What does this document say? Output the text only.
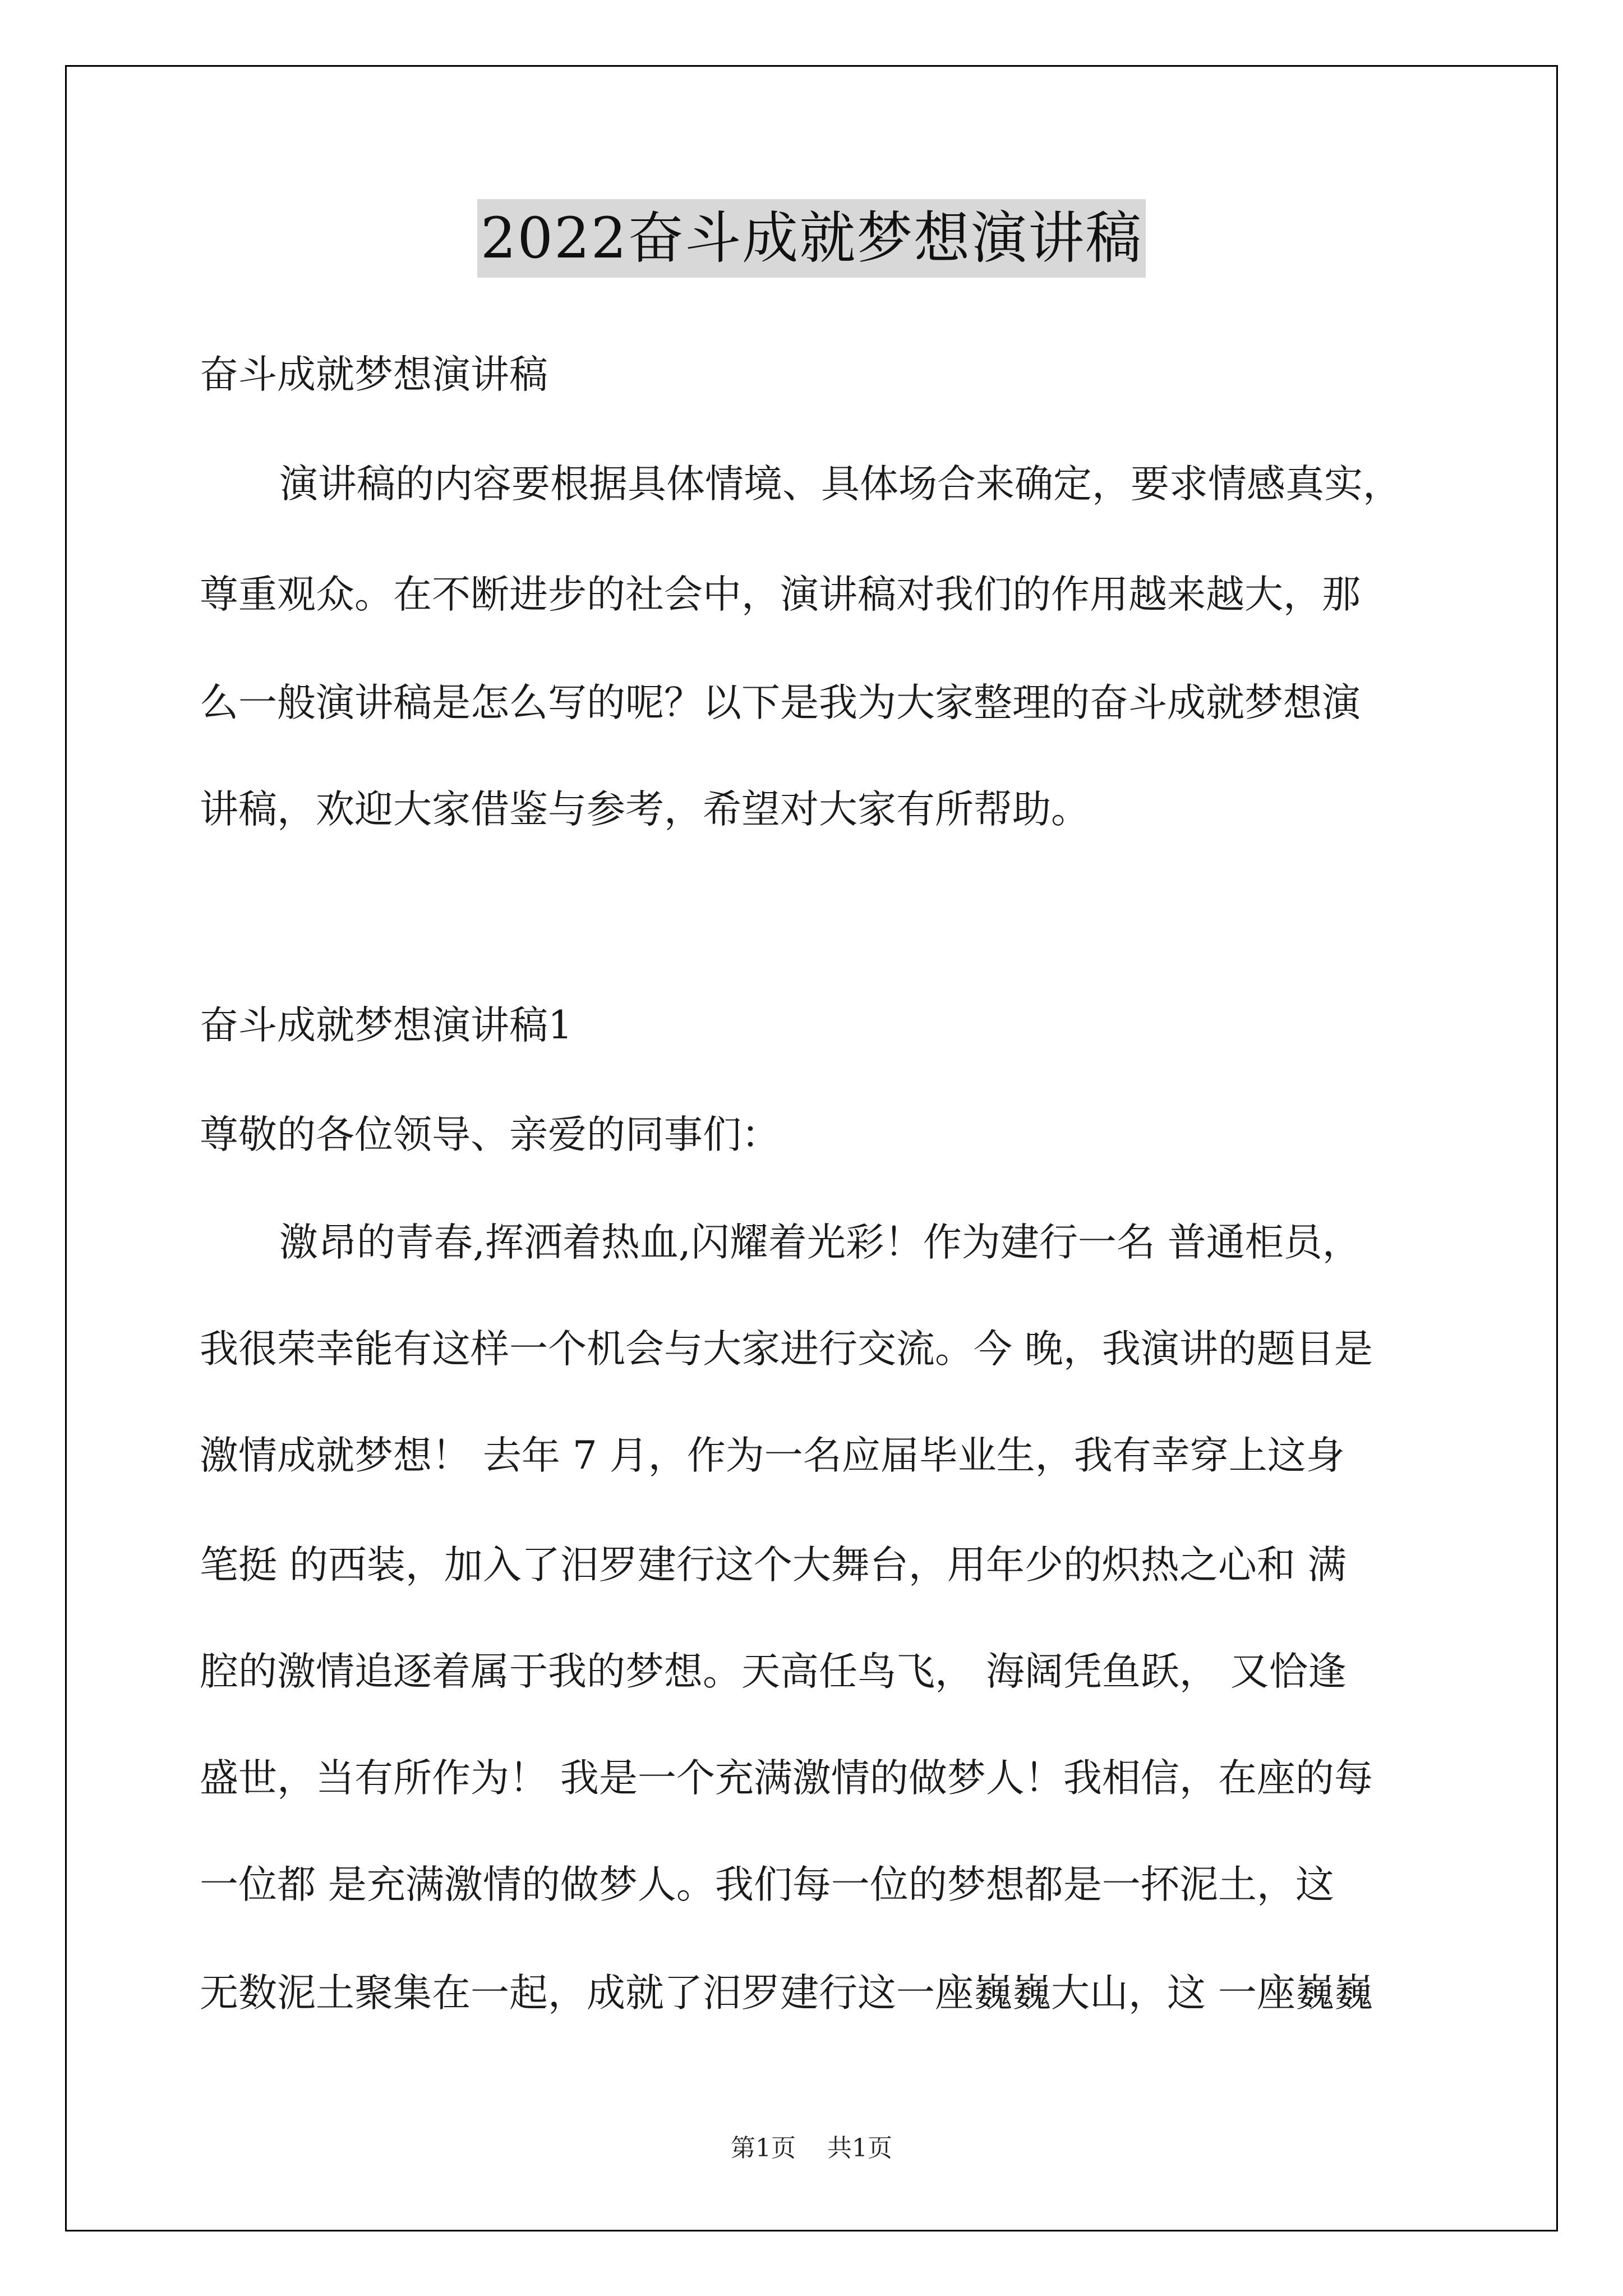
2022奋斗成就梦想演讲稿
奋斗成就梦想演讲稿
演讲稿的内容要根据具体情境、具体场合来确定，要求情感真实，
尊重观众。在不断进步的社会中，演讲稿对我们的作用越来越大，那
么一般演讲稿是怎么写的呢？以下是我为大家整理的奋斗成就梦想演
讲稿，欢迎大家借鉴与参考，希望对大家有所帮助。
奋斗成就梦想演讲稿1
尊敬的各位领导、亲爱的同事们：
激昂的青春,挥洒着热血,闪耀着光彩！作为建行一名 普通柜员，
我很荣幸能有这样一个机会与大家进行交流。今 晚，我演讲的题目是
激情成就梦想！ 去年 7 月，作为一名应届毕业生，我有幸穿上这身
笔挺 的西装，加入了汨罗建行这个大舞台，用年少的炽热之心和 满
腔的激情追逐着属于我的梦想。天高任鸟飞， 海阔凭鱼跃， 又恰逢
盛世，当有所作为！ 我是一个充满激情的做梦人！我相信，在座的每
一位都 是充满激情的做梦人。我们每一位的梦想都是一抔泥土，这
无数泥土聚集在一起，成就了汨罗建行这一座巍巍大山，这 一座巍巍
第1页    共1页
